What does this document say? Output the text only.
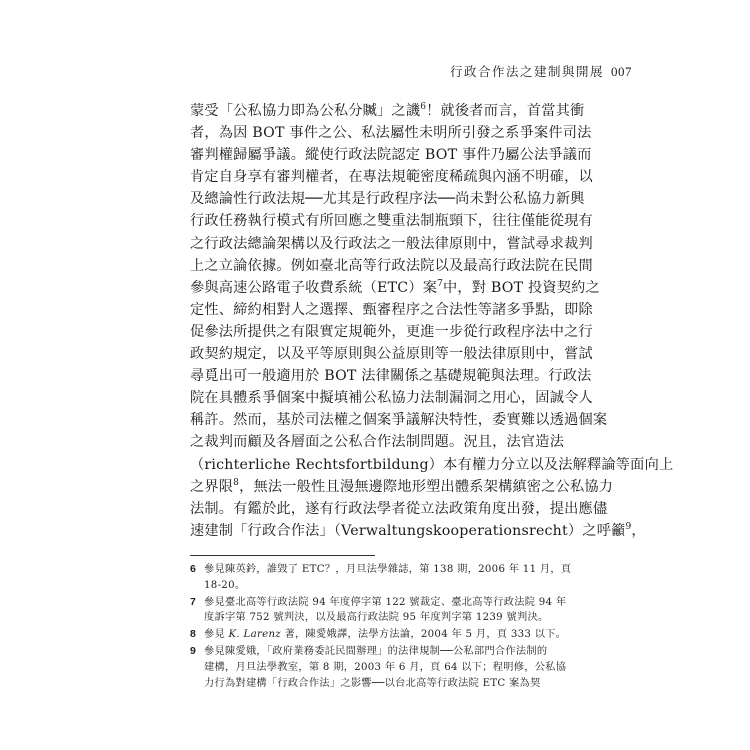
行政合作法之建制與開展 007
蒙受「公私協力即為公私分贓」之譏$^6$！就後者而言，首當其衝
者，為因 BOT 事件之公、私法屬性未明所引發之系爭案件司法
審判權歸屬爭議。縱使行政法院認定 BOT 事件乃屬公法爭議而
肯定自身享有審判權者，在專法規範密度稀疏與內涵不明確，以
及總論性行政法規──尤其是行政程序法──尚未對公私協力新興
行政任務執行模式有所回應之雙重法制瓶頸下，往往僅能從現有
之行政法總論架構以及行政法之一般法律原則中，嘗試尋求裁判
上之立論依據。例如臺北高等行政法院以及最高行政法院在民間
參與高速公路電子收費系統（ETC）案$^7$中，對 BOT 投資契約之
定性、締約相對人之選擇、甄審程序之合法性等諸多爭點，即除
促參法所提供之有限實定規範外，更進一步從行政程序法中之行
政契約規定，以及平等原則與公益原則等一般法律原則中，嘗試
尋覓出可一般適用於 BOT 法律關係之基礎規範與法理。行政法
院在具體系爭個案中擬填補公私協力法制漏洞之用心，固誠令人
稱許。然而，基於司法權之個案爭議解決特性，委實難以透過個案
之裁判而顧及各層面之公私合作法制問題。況且，法官造法
（richterliche Rechtsfortbildung）本有權力分立以及法解釋論等面向上
之界限$^8$，無法一般性且漫無邊際地形塑出體系架構縝密之公私協力
法制。有鑑於此，遂有行政法學者從立法政策角度出發，提出應儘
速建制「行政合作法」（Verwaltungskooperationsrecht）之呼籲$^9$，
6 參見陳英鈐，誰毀了 ETC？，月旦法學雜誌，第 138 期，2006 年 11 月，頁
18-20。
7 參見臺北高等行政法院 94 年度停字第 122 號裁定、臺北高等行政法院 94 年
度訴字第 752 號判決，以及最高行政法院 95 年度判字第 1239 號判決。
8 參見 K. Larenz 著，陳愛娥譯，法學方法論，2004 年 5 月，頁 333 以下。
9 參見陳愛娥，「政府業務委託民間辦理」的法律規制──公私部門合作法制的
建構，月旦法學教室，第 8 期，2003 年 6 月，頁 64 以下；程明修，公私協
力行為對建構「行政合作法」之影響──以台北高等行政法院 ETC 案為契
